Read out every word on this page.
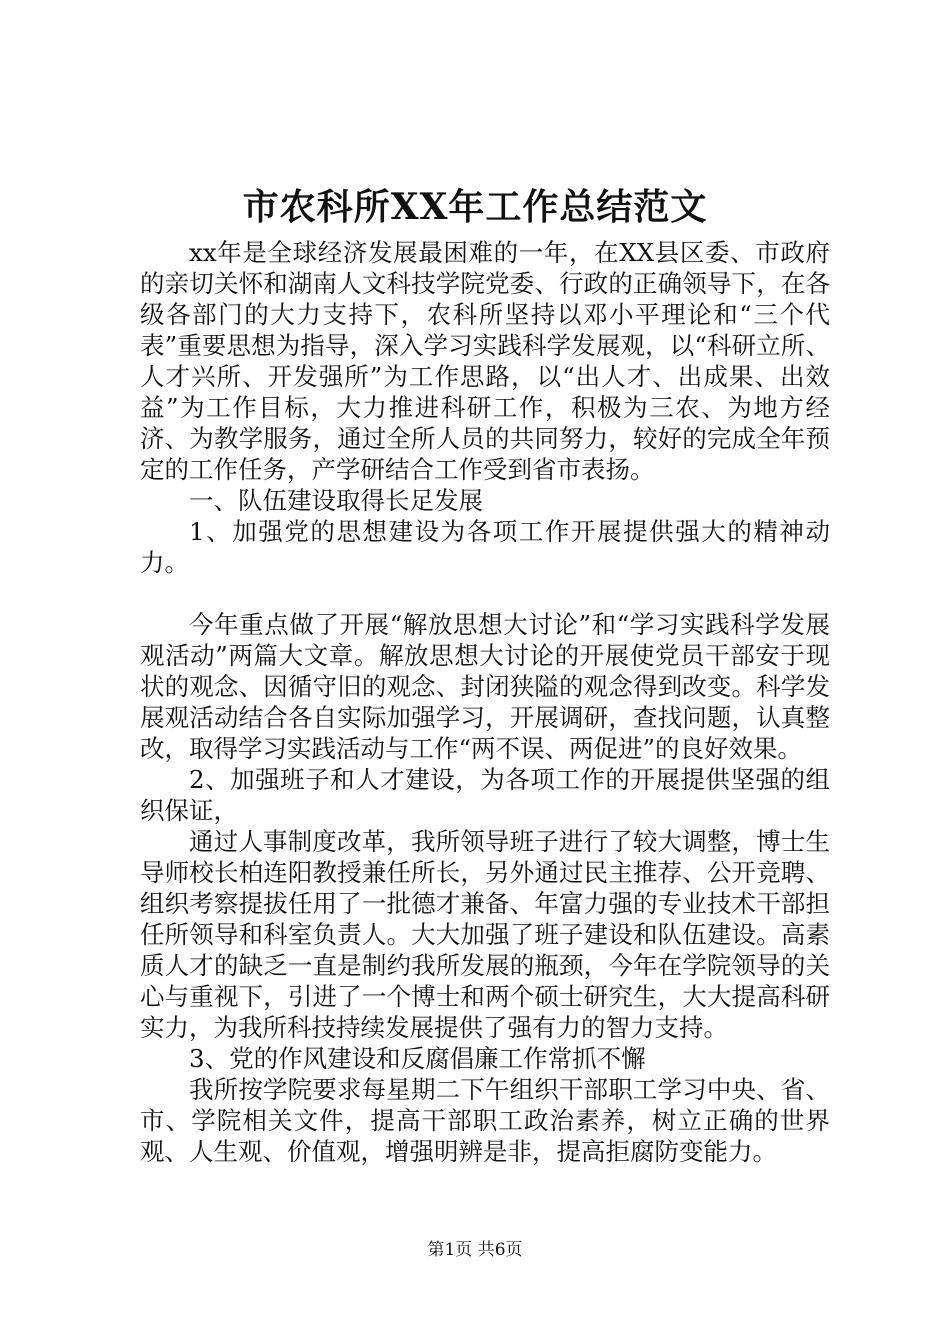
市农科所XX年工作总结范文

xx年是全球经济发展最困难的一年，在XX县区委、市政府的亲切关怀和湖南人文科技学院党委、行政的正确领导下，在各级各部门的大力支持下，农科所坚持以邓小平理论和“三个代表”重要思想为指导，深入学习实践科学发展观，以“科研立所、人才兴所、开发强所”为工作思路，以“出人才、出成果、出效益”为工作目标，大力推进科研工作，积极为三农、为地方经济、为教学服务，通过全所人员的共同努力，较好的完成全年预定的工作任务，产学研结合工作受到省市表扬。

一、队伍建设取得长足发展

1、加强党的思想建设为各项工作开展提供强大的精神动力。

今年重点做了开展“解放思想大讨论”和“学习实践科学发展观活动”两篇大文章。解放思想大讨论的开展使党员干部安于现状的观念、因循守旧的观念、封闭狭隘的观念得到改变。科学发展观活动结合各自实际加强学习，开展调研，查找问题，认真整改，取得学习实践活动与工作“两不误、两促进”的良好效果。

2、加强班子和人才建设，为各项工作的开展提供坚强的组织保证，

通过人事制度改革，我所领导班子进行了较大调整，博士生导师校长柏连阳教授兼任所长，另外通过民主推荐、公开竞聘、组织考察提拔任用了一批德才兼备、年富力强的专业技术干部担任所领导和科室负责人。大大加强了班子建设和队伍建设。高素质人才的缺乏一直是制约我所发展的瓶颈，今年在学院领导的关心与重视下，引进了一个博士和两个硕士研究生，大大提高科研实力，为我所科技持续发展提供了强有力的智力支持。

3、党的作风建设和反腐倡廉工作常抓不懈

我所按学院要求每星期二下午组织干部职工学习中央、省、市、学院相关文件，提高干部职工政治素养，树立正确的世界观、人生观、价值观，增强明辨是非，提高拒腐防变能力。

第1页 共6页
